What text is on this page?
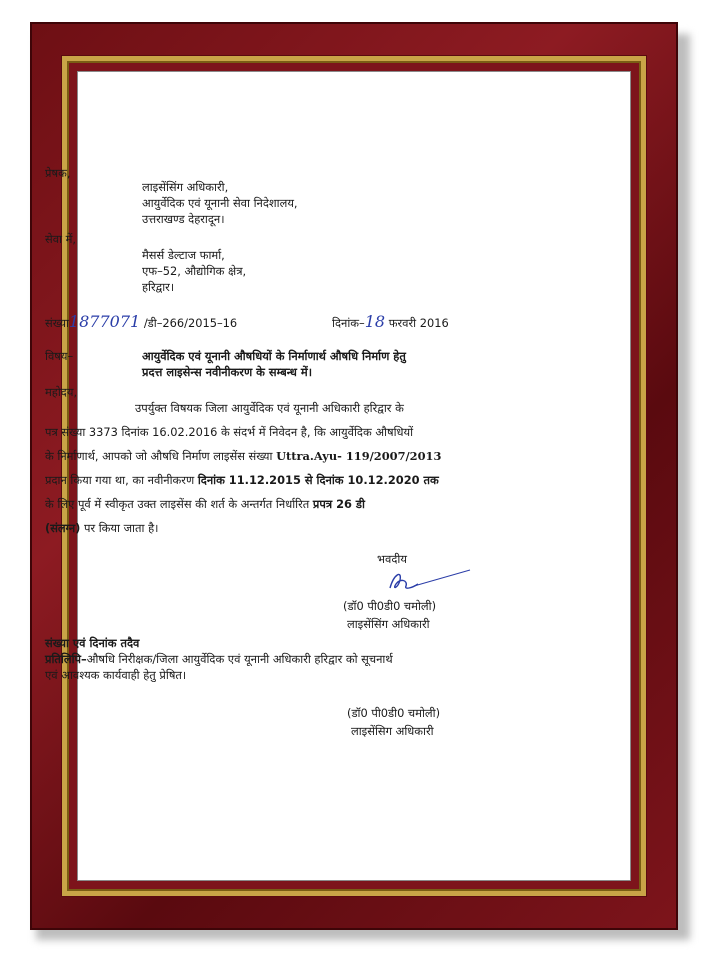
प्रेषक,
लाइसेंसिंग अधिकारी,
आयुर्वेदिक एवं यूनानी सेवा निदेशालय,
उत्तराखण्ड देहरादून।
सेवा में,
मैसर्स डेल्टाज फार्मा,
एफ–52, औद्योगिक क्षेत्र,
हरिद्वार।
संख्या1877071 /डी–266/2015–16	दिनांक–18 फरवरी 2016
विषय–	आयुर्वेदिक एवं यूनानी औषधियों के निर्माणार्थ औषधि निर्माण हेतु
प्रदत्त लाइसेन्स नवीनीकरण के सम्बन्ध में।
महोदय,
उपर्युक्त विषयक जिला आयुर्वेदिक एवं यूनानी अधिकारी हरिद्वार के
पत्र संख्या 3373 दिनांक 16.02.2016 के संदर्भ में निवेदन है, कि आयुर्वेदिक औषधियों
के निर्माणार्थ, आपको जो औषधि निर्माण लाइसेंस संख्या Uttra.Ayu- 119/2007/2013
प्रदान किया गया था, का नवीनीकरण दिनांक 11.12.2015 से दिनांक 10.12.2020 तक
के लिए पूर्व में स्वीकृत उक्त लाइसेंस की शर्त के अन्तर्गत निर्धारित प्रपत्र 26 डी
(संलग्न) पर किया जाता है।
भवदीय
(डॉ0 पी0डी0 चमोली)
लाइसेंसिंग अधिकारी
संख्या एवं दिनांक तदैव
प्रतिलिपि–औषधि निरीक्षक/जिला आयुर्वेदिक एवं यूनानी अधिकारी हरिद्वार को सूचनार्थ
एवं आवश्यक कार्यवाही हेतु प्रेषित।
(डॉ0 पी0डी0 चमोली)
लाइसेंसिग अधिकारी
